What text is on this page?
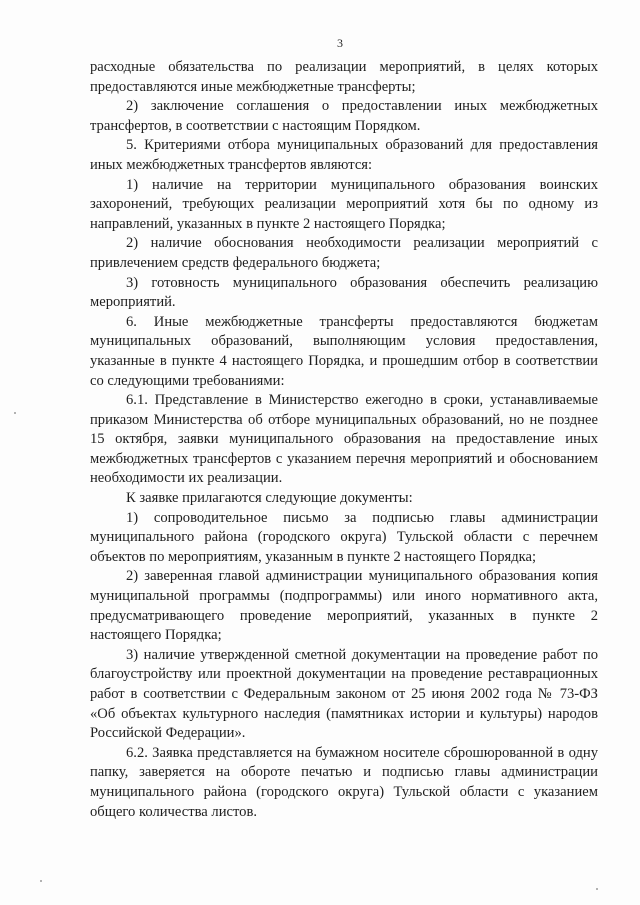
3

расходные обязательства по реализации мероприятий, в целях которых предоставляются иные межбюджетные трансферты;

2) заключение соглашения о предоставлении иных межбюджетных трансфертов, в соответствии с настоящим Порядком.

5. Критериями отбора муниципальных образований для предоставления иных межбюджетных трансфертов являются:

1) наличие на территории муниципального образования воинских захоронений, требующих реализации мероприятий хотя бы по одному из направлений, указанных в пункте 2 настоящего Порядка;

2) наличие обоснования необходимости реализации мероприятий с привлечением средств федерального бюджета;

3) готовность муниципального образования обеспечить реализацию мероприятий.

6. Иные межбюджетные трансферты предоставляются бюджетам муниципальных образований, выполняющим условия предоставления, указанные в пункте 4 настоящего Порядка, и прошедшим отбор в соответствии со следующими требованиями:

6.1. Представление в Министерство ежегодно в сроки, устанавливаемые приказом Министерства об отборе муниципальных образований, но не позднее 15 октября, заявки муниципального образования на предоставление иных межбюджетных трансфертов с указанием перечня мероприятий и обоснованием необходимости их реализации.

К заявке прилагаются следующие документы:

1) сопроводительное письмо за подписью главы администрации муниципального района (городского округа) Тульской области с перечнем объектов по мероприятиям, указанным в пункте 2 настоящего Порядка;

2) заверенная главой администрации муниципального образования копия муниципальной программы (подпрограммы) или иного нормативного акта, предусматривающего проведение мероприятий, указанных в пункте 2 настоящего Порядка;

3) наличие утвержденной сметной документации на проведение работ по благоустройству или проектной документации на проведение реставрационных работ в соответствии с Федеральным законом от 25 июня 2002 года № 73-ФЗ «Об объектах культурного наследия (памятниках истории и культуры) народов Российской Федерации».

6.2. Заявка представляется на бумажном носителе сброшюрованной в одну папку, заверяется на обороте печатью и подписью главы администрации муниципального района (городского округа) Тульской области с указанием общего количества листов.
